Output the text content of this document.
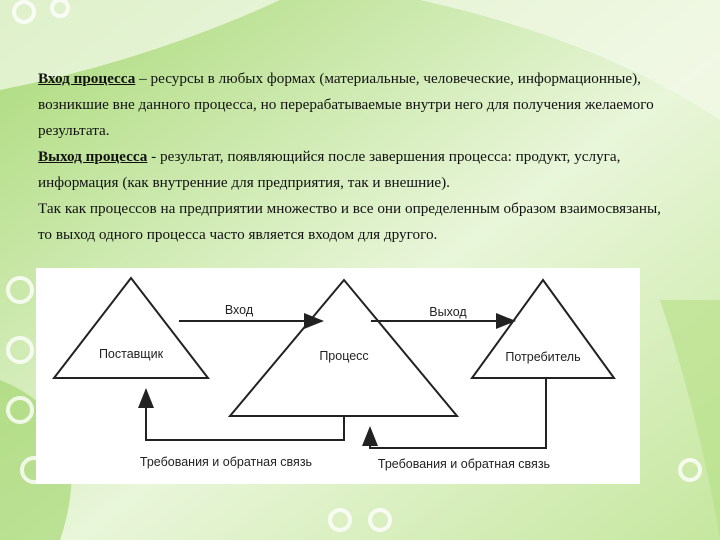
Вход процесса – ресурсы в любых формах (материальные, человеческие, информационные), возникшие вне данного процесса, но перерабатываемые внутри него для получения желаемого результата.

Выход процесса - результат, появляющийся после завершения процесса: продукт, услуга, информация (как внутренние для предприятия, так и внешние).

Так как процессов на предприятии множество и все они определенным образом взаимосвязаны, то выход одного процесса часто является входом для другого.

Поставщик	Процесс	Потребитель
Вход	Выход
Требования и обратная связь	Требования и обратная связь
